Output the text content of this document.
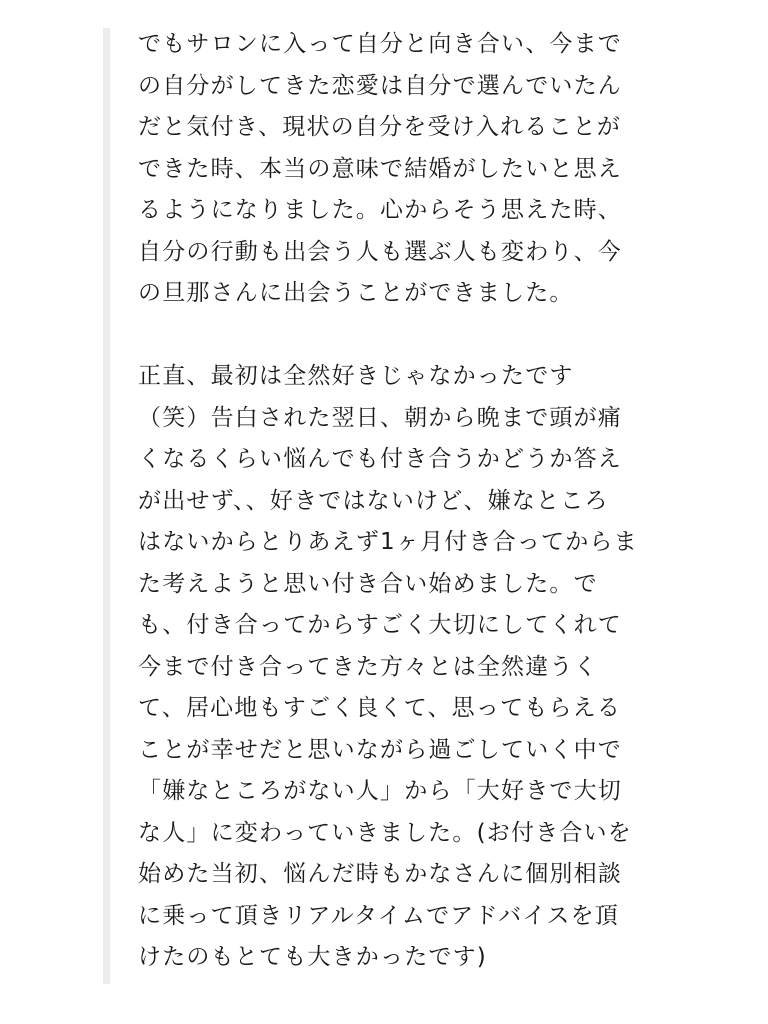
でもサロンに入って自分と向き合い、今まで
の自分がしてきた恋愛は自分で選んでいたん
だと気付き、現状の自分を受け入れることが
できた時、本当の意味で結婚がしたいと思え
るようになりました。心からそう思えた時、
自分の行動も出会う人も選ぶ人も変わり、今
の旦那さんに出会うことができました。
正直、最初は全然好きじゃなかったです
（笑）告白された翌日、朝から晩まで頭が痛
くなるくらい悩んでも付き合うかどうか答え
が出せず、、好きではないけど、嫌なところ
はないからとりあえず1ヶ月付き合ってからま
た考えようと思い付き合い始めました。で
も、付き合ってからすごく大切にしてくれて
今まで付き合ってきた方々とは全然違うく
て、居心地もすごく良くて、思ってもらえる
ことが幸せだと思いながら過ごしていく中で
「嫌なところがない人」から「大好きで大切
な人」に変わっていきました。(お付き合いを
始めた当初、悩んだ時もかなさんに個別相談
に乗って頂きリアルタイムでアドバイスを頂
けたのもとても大きかったです)
